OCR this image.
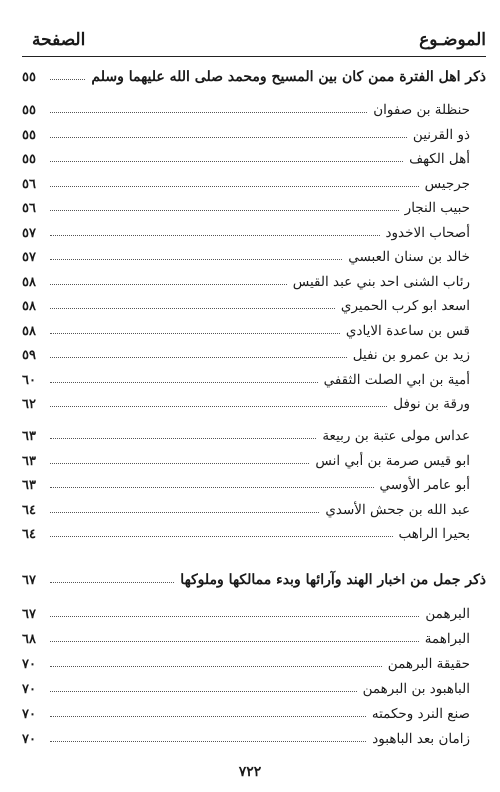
الموضـوع
الصفحة
ذكر اهل الفترة ممن كان بين المسيح ومحمد صلى الله عليهما وسلم
٥٥
حنظلة بن صفوان
٥٥
ذو القرنين
٥٥
أهل الكهف
٥٥
جرجيس
٥٦
حبيب النجار
٥٦
أصحاب الاخدود
٥٧
خالد بن سنان العبسي
٥٧
رئاب الشنى احد بني عبد القيس
٥٨
اسعد ابو كرب الحميري
٥٨
قس بن ساعدة الايادي
٥٨
زيد بن عمرو بن نفيل
٥٩
أمية بن ابي الصلت الثقفي
٦٠
ورقة بن نوفل
٦٢
عداس مولى عتبة بن ربيعة
٦٣
ابو قيس صرمة بن أبي انس
٦٣
أبو عامر الأوسي
٦٣
عبد الله بن جحش الأسدي
٦٤
بحيرا الراهب
٦٤
ذكر جمل من اخبار الهند وآرائها وبدء ممالكها وملوكها
٦٧
البرهمن
٦٧
البراهمة
٦٨
حقيقة البرهمن
٧٠
الباهبود بن البرهمن
٧٠
صنع النرد وحكمته
٧٠
زامان بعد الباهبود
٧٠
٧٢٢
